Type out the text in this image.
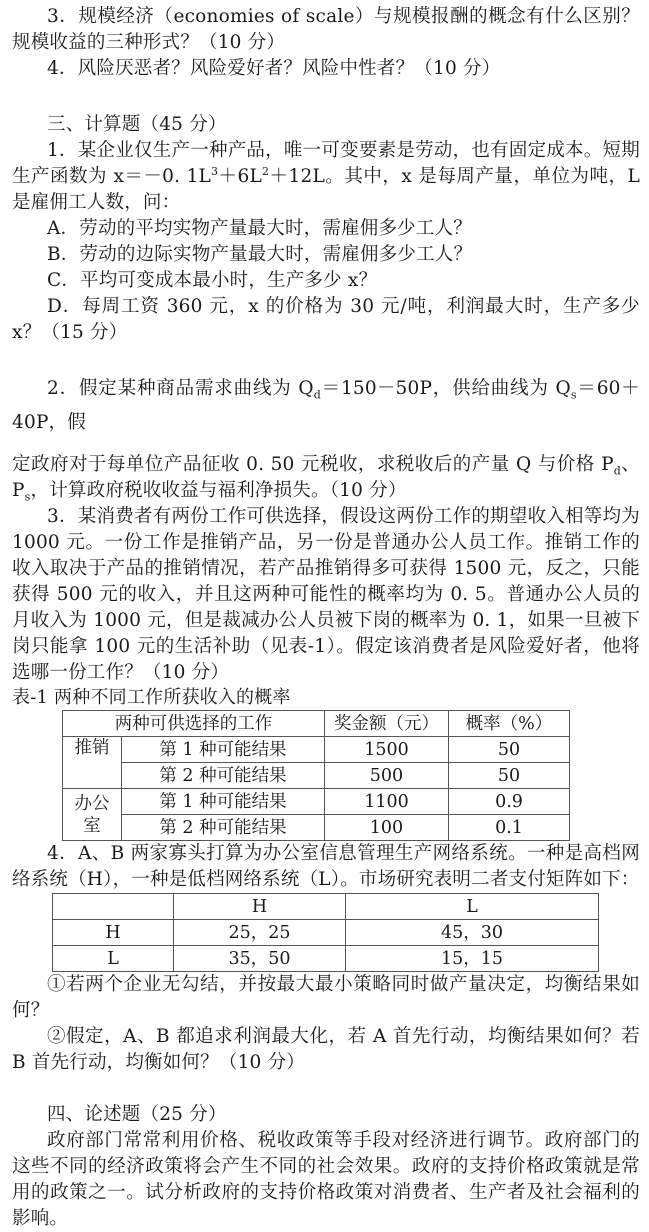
3．规模经济（economies of scale）与规模报酬的概念有什么区别？规模收益的三种形式？（10 分）

4．风险厌恶者？风险爱好者？风险中性者？（10 分）

三、计算题（45 分）

1．某企业仅生产一种产品，唯一可变要素是劳动，也有固定成本。短期生产函数为 x＝－0. $1L^3+6L^2+12L$。其中，x 是每周产量，单位为吨，L 是雇佣工人数，问：

A．劳动的平均实物产量最大时，需雇佣多少工人？

B．劳动的边际实物产量最大时，需雇佣多少工人？

C．平均可变成本最小时，生产多少 x？

D．每周工资 360 元，x 的价格为 30 元/吨，利润最大时，生产多少 x？（15 分）

2．假定某种商品需求曲线为 $Q_d=150-50P$，供给曲线为 $Q_s=60+40P$，假

定政府对于每单位产品征收 0. 50 元税收，求税收后的产量 Q 与价格 $P_d$、$P_s$，计算政府税收收益与福利净损失。（10 分）

3．某消费者有两份工作可供选择，假设这两份工作的期望收入相等均为 1000 元。一份工作是推销产品，另一份是普通办公人员工作。推销工作的收入取决于产品的推销情况，若产品推销得多可获得 1500 元，反之，只能获得 500 元的收入，并且这两种可能性的概率均为 0. 5。普通办公人员的月收入为 1000 元，但是裁减办公人员被下岗的概率为 0. 1，如果一旦被下岗只能拿 100 元的生活补助（见表-1）。假定该消费者是风险爱好者，他将选哪一份工作？（10 分）

表-1 两种不同工作所获收入的概率

两种可供选择的工作		奖金额（元）	概率（%）
推销	第 1 种可能结果	1500	50
	第 2 种可能结果	500	50
办公
室	第 1 种可能结果	1100	0.9
	第 2 种可能结果	100	0.1

4．A、B 两家寡头打算为办公室信息管理生产网络系统。一种是高档网络系统（H），一种是低档网络系统（L）。市场研究表明二者支付矩阵如下：

	H	L
H	25，25	45，30
L	35，50	15，15

①若两个企业无勾结，并按最大最小策略同时做产量决定，均衡结果如何？

②假定，A、B 都追求利润最大化，若 A 首先行动，均衡结果如何？若 B 首先行动，均衡如何？（10 分）

四、论述题（25 分）

政府部门常常利用价格、税收政策等手段对经济进行调节。政府部门的这些不同的经济政策将会产生不同的社会效果。政府的支持价格政策就是常用的政策之一。试分析政府的支持价格政策对消费者、生产者及社会福利的影响。
